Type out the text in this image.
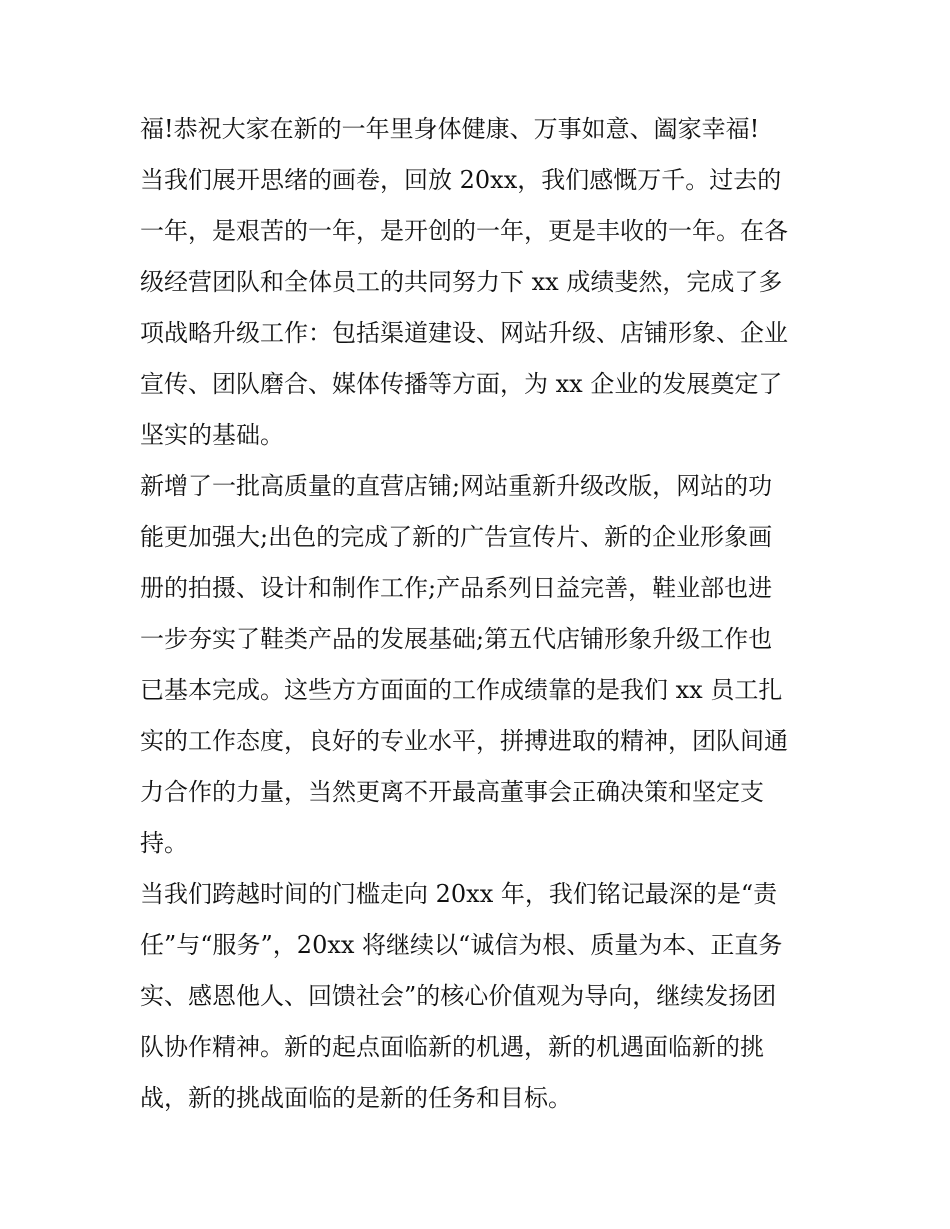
福!恭祝大家在新的一年里身体健康、万事如意、阖家幸福!
当我们展开思绪的画卷，回放 20xx，我们感慨万千。过去的
一年，是艰苦的一年，是开创的一年，更是丰收的一年。在各
级经营团队和全体员工的共同努力下 xx 成绩斐然，完成了多
项战略升级工作：包括渠道建设、网站升级、店铺形象、企业
宣传、团队磨合、媒体传播等方面，为 xx 企业的发展奠定了
坚实的基础。
新增了一批高质量的直营店铺;网站重新升级改版，网站的功
能更加强大;出色的完成了新的广告宣传片、新的企业形象画
册的拍摄、设计和制作工作;产品系列日益完善，鞋业部也进
一步夯实了鞋类产品的发展基础;第五代店铺形象升级工作也
已基本完成。这些方方面面的工作成绩靠的是我们 xx 员工扎
实的工作态度，良好的专业水平，拼搏进取的精神，团队间通
力合作的力量，当然更离不开最高董事会正确决策和坚定支
持。
当我们跨越时间的门槛走向 20xx 年，我们铭记最深的是“责
任”与“服务”，20xx 将继续以“诚信为根、质量为本、正直务
实、感恩他人、回馈社会”的核心价值观为导向，继续发扬团
队协作精神。新的起点面临新的机遇，新的机遇面临新的挑
战，新的挑战面临的是新的任务和目标。
